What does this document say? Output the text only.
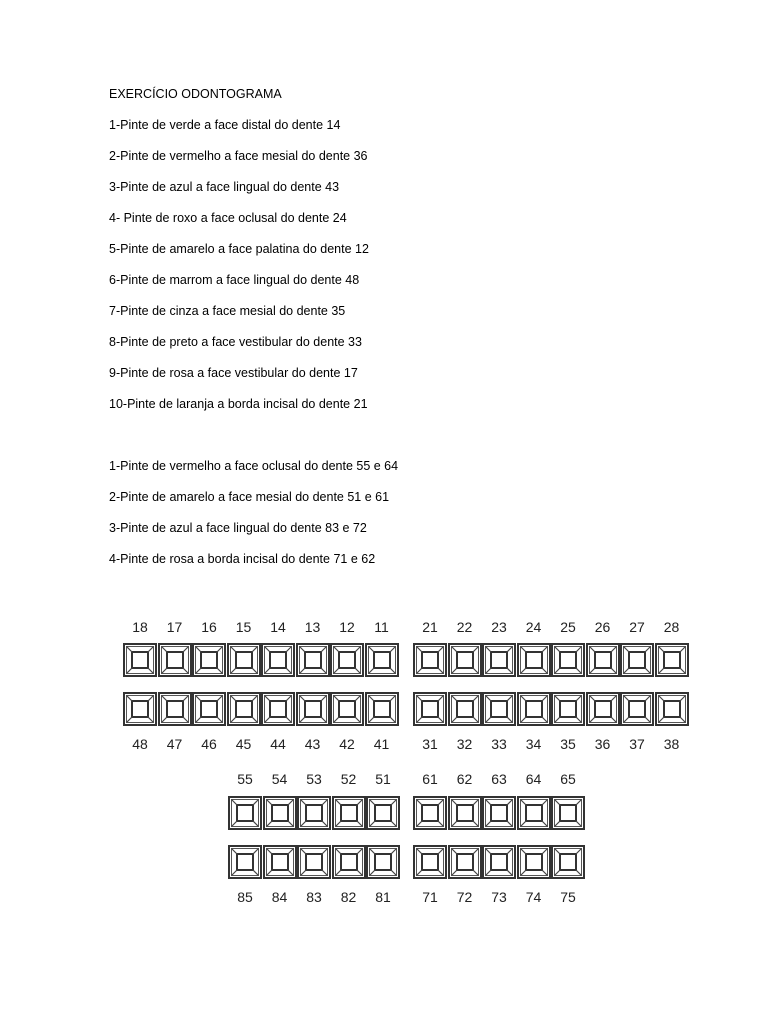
EXERCÍCIO ODONTOGRAMA
1-Pinte de verde a face distal do dente 14
2-Pinte de vermelho a face mesial do dente 36
3-Pinte de azul a face lingual do dente 43
4- Pinte de roxo a face oclusal do dente 24
5-Pinte de amarelo a face palatina do dente 12
6-Pinte de marrom a face lingual do dente 48
7-Pinte de cinza a face mesial do dente 35
8-Pinte de preto a face vestibular do dente 33
9-Pinte de rosa a face vestibular do dente 17
10-Pinte de laranja a borda incisal do dente 21
1-Pinte de vermelho a face oclusal do dente 55 e 64
2-Pinte de amarelo a face mesial do dente 51 e 61
3-Pinte de azul a face lingual do dente 83 e 72
4-Pinte de rosa a borda incisal do dente 71 e 62
18	17	16	15	14	13	12	11	21	22	23	24	25	26	27	28
48	47	46	45	44	43	42	41	31	32	33	34	35	36	37	38
55	54	53	52	51	61	62	63	64	65
85	84	83	82	81	71	72	73	74	75
